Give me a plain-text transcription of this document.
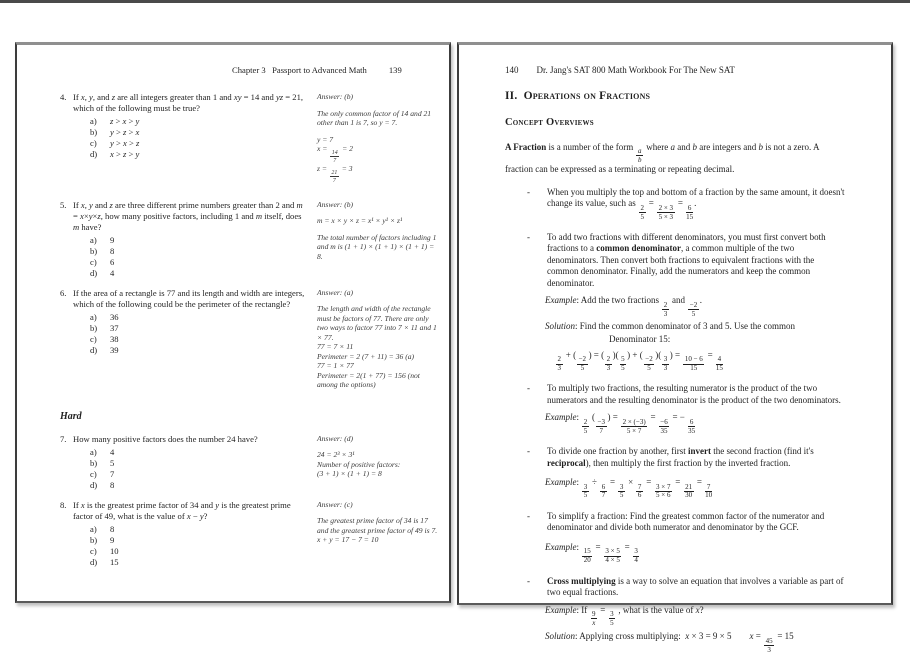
Chapter 3   Passport to Advanced Math	139
4. If x, y, and z are all integers greater than 1 and xy = 14 and yz = 21, which of the following must be true?
a)	z > x > y
b)	y > z > x
c)	y > x > z
d)	x > z > y
Answer: (b)
The only common factor of 14 and 21 other than 1 is 7, so y = 7.
y = 7
x =
$\frac{14}{7}$
= 2
z =
$\frac{21}{7}$
= 3
5. If x, y and z are three different prime numbers greater than 2 and m = x×y×z, how many positive factors, including 1 and m itself, does m have?
a)	9
b)	8
c)	6
d)	4
Answer: (b)
m = x × y × z = x¹ × y¹ × z¹
The total number of factors including 1 and m is (1 + 1) × (1 + 1) × (1 + 1) = 8.
6. If the area of a rectangle is 77 and its length and width are integers, which of the following could be the perimeter of the rectangle?
a)	36
b)	37
c)	38
d)	39
Answer: (a)
The length and width of the rectangle must be factors of 77. There are only two ways to factor 77 into 7 × 11 and 1 × 77.
77 = 7 × 11
Perimeter = 2 (7 + 11) = 36 (a)
77 = 1 × 77
Perimeter = 2(1 + 77) = 156 (not among the options)
Hard
7. How many positive factors does the number 24 have?
a)	4
b)	5
c)	7
d)	8
Answer: (d)
24 = 2³ × 3¹
Number of positive factors:
(3 + 1) × (1 + 1) = 8
8. If x is the greatest prime factor of 34 and y is the greatest prime factor of 49, what is the value of x − y?
a)	8
b)	9
c)	10
d)	15
Answer: (c)
The greatest prime factor of 34 is 17 and the greatest prime factor of 49 is 7.
x + y = 17 − 7 = 10
140 Dr. Jang's SAT 800 Math Workbook For The New SAT
II.  Operations on Fractions
Concept Overviews
A Fraction is a number of the form
$\frac{a}{b}$
where a and b are integers and b is not a zero. A fraction can be expressed as a terminating or repeating decimal.
-	When you multiply the top and bottom of a fraction by the same amount, it doesn't change its value, such as
$\frac{2}{5}$
=
$\frac{2 \times 3}{5 \times 3}$
=
$\frac{6}{15}$
.
-	To add two fractions with different denominators, you must first convert both fractions to a common denominator, a common multiple of the two denominators. Then convert both fractions to equivalent fractions with the common denominator. Finally, add the numerators and keep the common denominator.
Example: Add the two fractions
$\frac{2}{3}$
and
$\frac{-2}{5}$
.
Solution: Find the common denominator of 3 and 5. Use the common
Denominator 15:
$\frac{2}{3}$
+ (
$\frac{-2}{5}$
) = (
$\frac{2}{3}$
)(
$\frac{5}{5}$
) + (
$\frac{-2}{5}$
)(
$\frac{3}{3}$
) =
$\frac{10 - 6}{15}$
=
$\frac{4}{15}$
-	To multiply two fractions, the resulting numerator is the product of the two numerators and the resulting denominator is the product of the two denominators.
Example:
$\frac{2}{5}$
(
$\frac{-3}{7}$
) =
$\frac{2 \times (-3)}{5 \times 7}$
=
$\frac{-6}{35}$
= −
$\frac{6}{35}$
-	To divide one fraction by another, first invert the second fraction (find it's reciprocal), then multiply the first fraction by the inverted fraction.
Example:
$\frac{3}{5}$
÷
$\frac{6}{7}$
=
$\frac{3}{5}$
×
$\frac{7}{6}$
=
$\frac{3 \times 7}{5 \times 6}$
=
$\frac{21}{30}$
=
$\frac{7}{10}$
-	To simplify a fraction: Find the greatest common factor of the numerator and denominator and divide both numerator and denominator by the GCF.
Example:
$\frac{15}{20}$
=
$\frac{3 \times 5}{4 \times 5}$
=
$\frac{3}{4}$
-	Cross multiplying is a way to solve an equation that involves a variable as part of two equal fractions.
Example: If
$\frac{9}{x}$
=
$\frac{3}{5}$
, what is the value of x?
Solution: Applying cross multiplying:  x × 3 = 9 × 5        x =
$\frac{45}{3}$
= 15
